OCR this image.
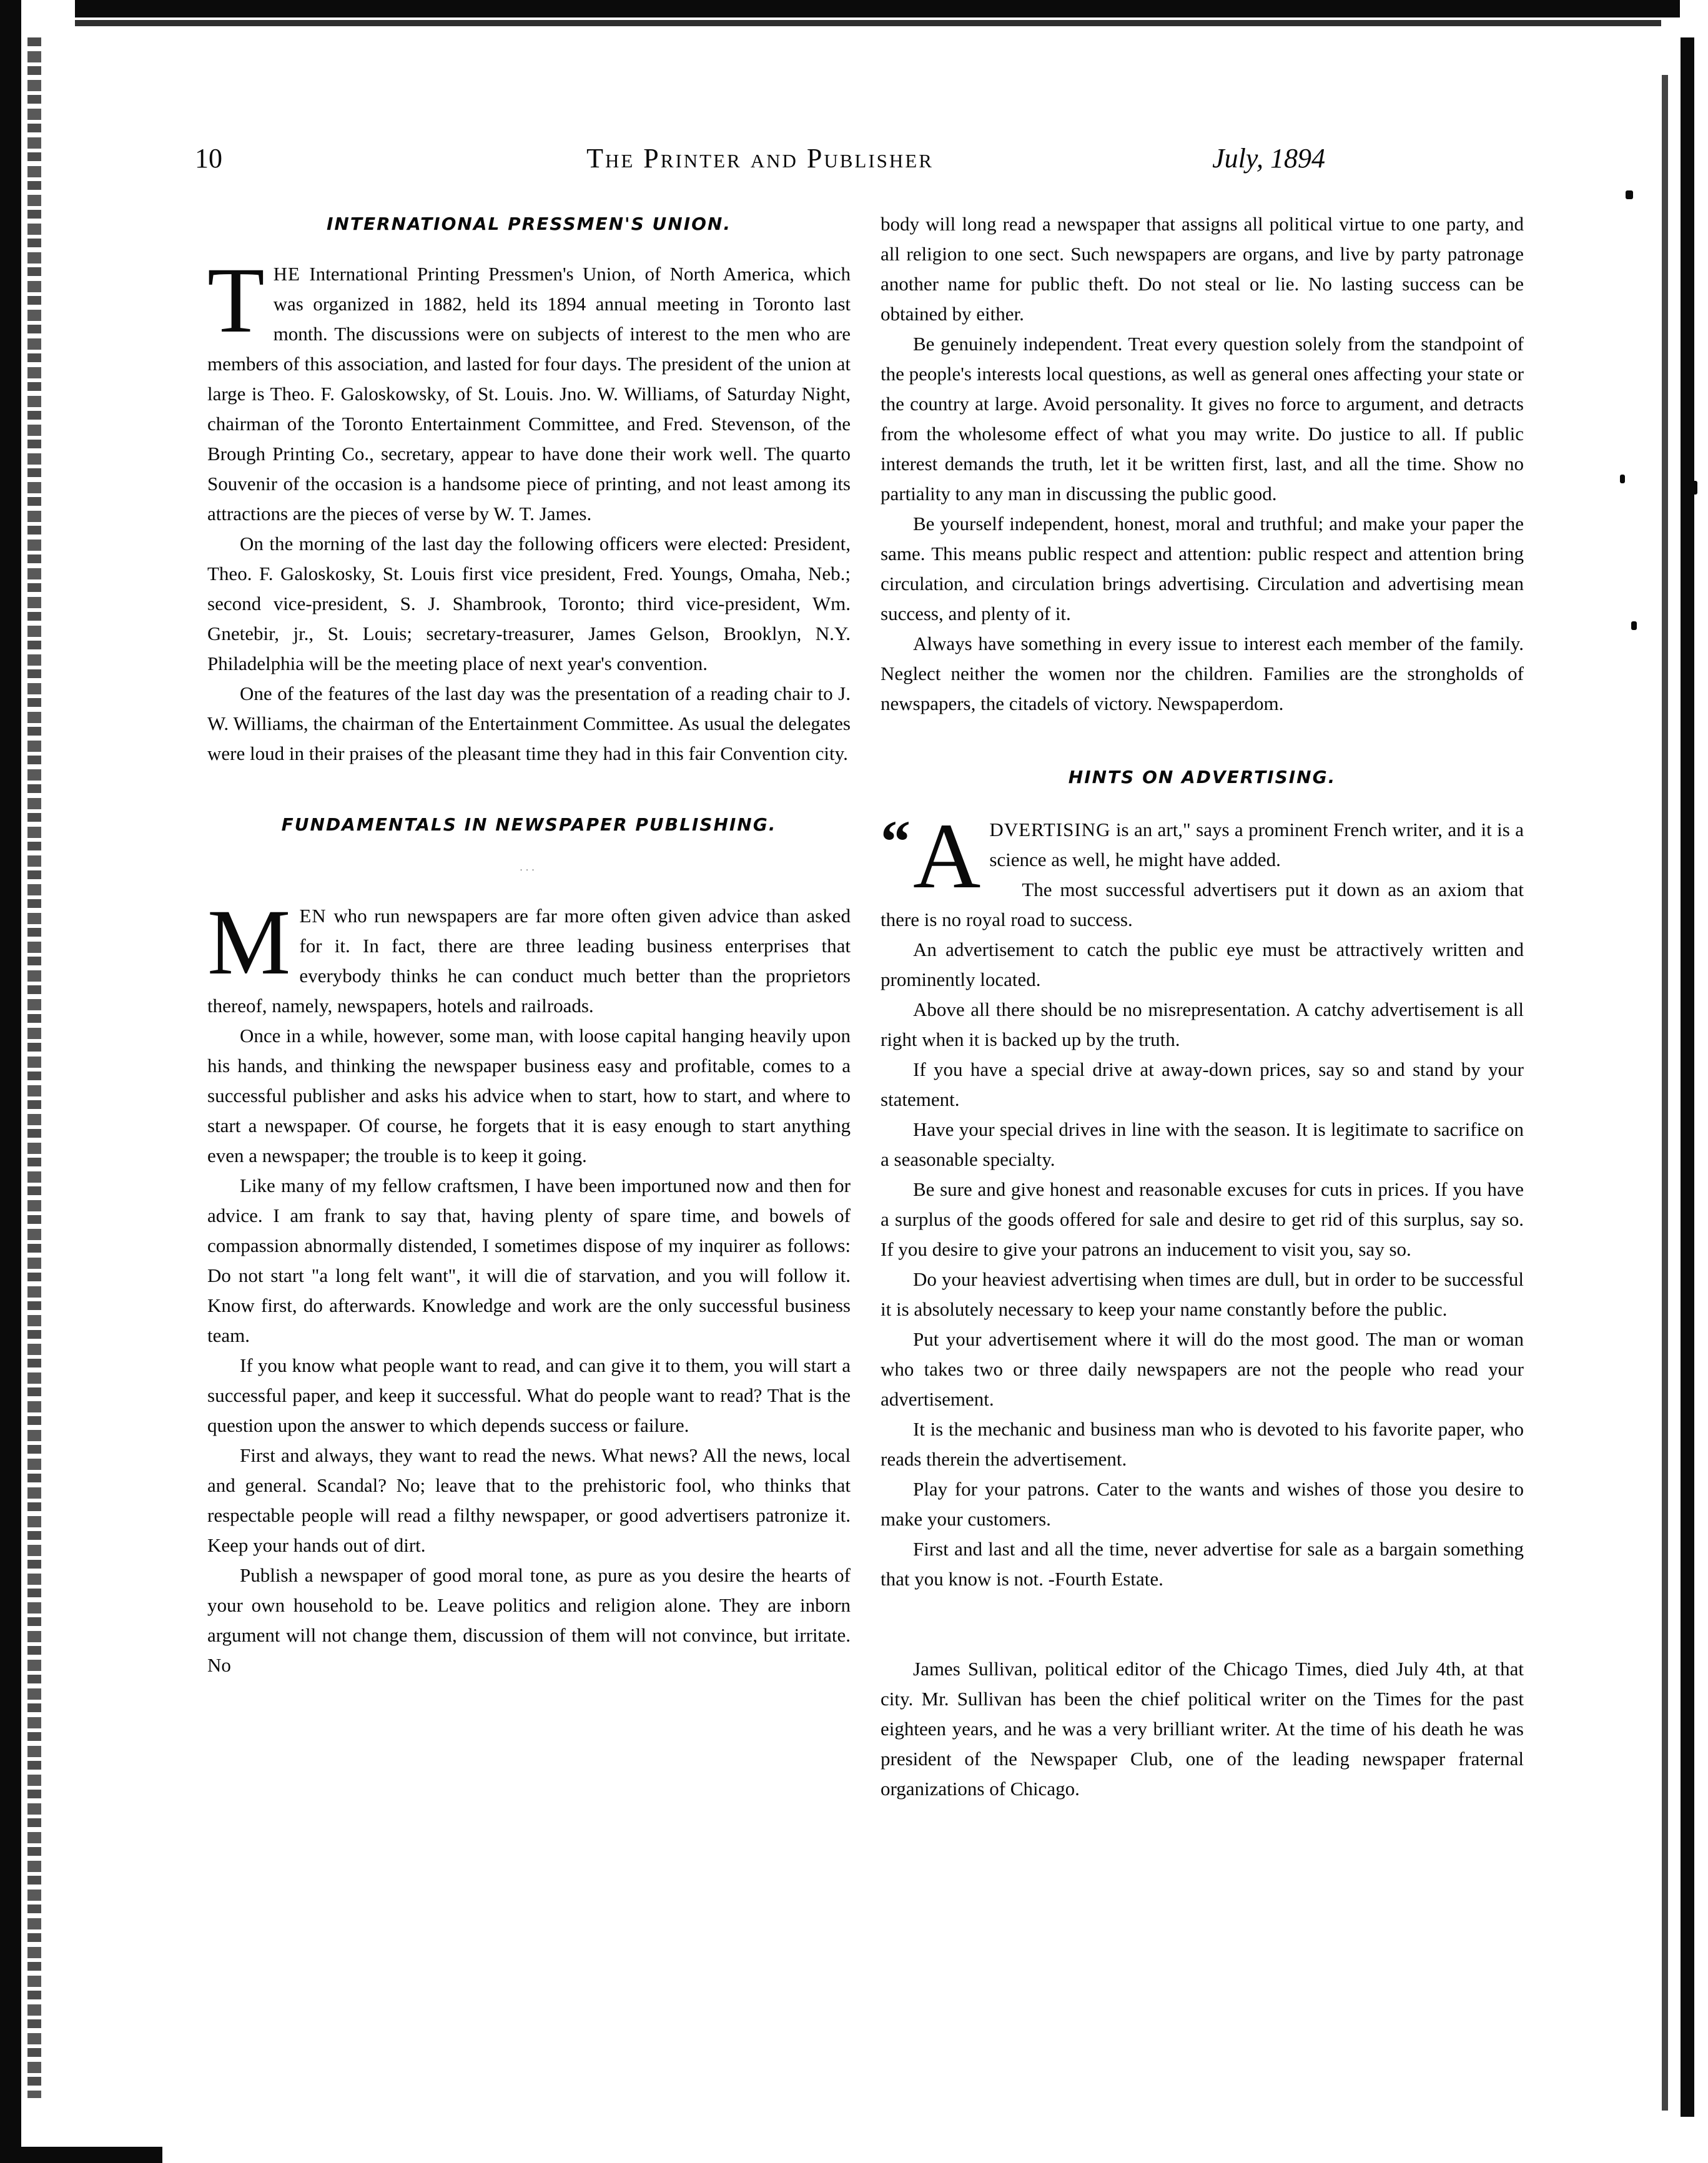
10	The Printer and Publisher	July, 1894
INTERNATIONAL PRESSMEN'S UNION.

THE International Printing Pressmen's Union, of North America, which was organized in 1882, held its 1894 annual meeting in Toronto last month. The discussions were on subjects of interest to the men who are members of this association, and lasted for four days. The president of the union at large is Theo. F. Galoskowsky, of St. Louis. Jno. W. Williams, of Saturday Night, chairman of the Toronto Entertainment Committee, and Fred. Stevenson, of the Brough Printing Co., secretary, appear to have done their work well. The quarto Souvenir of the occasion is a handsome piece of printing, and not least among its attractions are the pieces of verse by W. T. James.

On the morning of the last day the following officers were elected: President, Theo. F. Galoskosky, St. Louis first vice president, Fred. Youngs, Omaha, Neb.; second vice-president, S. J. Shambrook, Toronto; third vice-president, Wm. Gnetebir, jr., St. Louis; secretary-treasurer, James Gelson, Brooklyn, N.Y. Philadelphia will be the meeting place of next year's convention.

One of the features of the last day was the presentation of a reading chair to J. W. Williams, the chairman of the Entertainment Committee. As usual the delegates were loud in their praises of the pleasant time they had in this fair Convention city.

FUNDAMENTALS IN NEWSPAPER PUBLISHING.
...

MEN who run newspapers are far more often given advice than asked for it. In fact, there are three leading business enterprises that everybody thinks he can conduct much better than the proprietors thereof, namely, newspapers, hotels and railroads.

Once in a while, however, some man, with loose capital hanging heavily upon his hands, and thinking the newspaper business easy and profitable, comes to a successful publisher and asks his advice when to start, how to start, and where to start a newspaper. Of course, he forgets that it is easy enough to start anything even a newspaper; the trouble is to keep it going.

Like many of my fellow craftsmen, I have been importuned now and then for advice. I am frank to say that, having plenty of spare time, and bowels of compassion abnormally distended, I sometimes dispose of my inquirer as follows: Do not start "a long felt want", it will die of starvation, and you will follow it. Know first, do afterwards. Knowledge and work are the only successful business team.

If you know what people want to read, and can give it to them, you will start a successful paper, and keep it successful. What do people want to read? That is the question upon the answer to which depends success or failure.

First and always, they want to read the news. What news? All the news, local and general. Scandal? No; leave that to the prehistoric fool, who thinks that respectable people will read a filthy newspaper, or good advertisers patronize it. Keep your hands out of dirt.

Publish a newspaper of good moral tone, as pure as you desire the hearts of your own household to be. Leave politics and religion alone. They are inborn argument will not change them, discussion of them will not convince, but irritate. No

body will long read a newspaper that assigns all political virtue to one party, and all religion to one sect. Such newspapers are organs, and live by party patronage another name for public theft. Do not steal or lie. No lasting success can be obtained by either.

Be genuinely independent. Treat every question solely from the standpoint of the people's interests local questions, as well as general ones affecting your state or the country at large. Avoid personality. It gives no force to argument, and detracts from the wholesome effect of what you may write. Do justice to all. If public interest demands the truth, let it be written first, last, and all the time. Show no partiality to any man in discussing the public good.

Be yourself independent, honest, moral and truthful; and make your paper the same. This means public respect and attention: public respect and attention bring circulation, and circulation brings advertising. Circulation and advertising mean success, and plenty of it.

Always have something in every issue to interest each member of the family. Neglect neither the women nor the children. Families are the strongholds of newspapers, the citadels of victory. Newspaperdom.

HINTS ON ADVERTISING.

“ A DVERTISING is an art," says a prominent French writer, and it is a science as well, he might have added.

The most successful advertisers put it down as an axiom that there is no royal road to success.

An advertisement to catch the public eye must be attractively written and prominently located.

Above all there should be no misrepresentation. A catchy advertisement is all right when it is backed up by the truth.

If you have a special drive at away-down prices, say so and stand by your statement.

Have your special drives in line with the season. It is legitimate to sacrifice on a seasonable specialty.

Be sure and give honest and reasonable excuses for cuts in prices. If you have a surplus of the goods offered for sale and desire to get rid of this surplus, say so. If you desire to give your patrons an inducement to visit you, say so.

Do your heaviest advertising when times are dull, but in order to be successful it is absolutely necessary to keep your name constantly before the public.

Put your advertisement where it will do the most good. The man or woman who takes two or three daily newspapers are not the people who read your advertisement.

It is the mechanic and business man who is devoted to his favorite paper, who reads therein the advertisement.

Play for your patrons. Cater to the wants and wishes of those you desire to make your customers.

First and last and all the time, never advertise for sale as a bargain something that you know is not. -Fourth Estate.

James Sullivan, political editor of the Chicago Times, died July 4th, at that city. Mr. Sullivan has been the chief political writer on the Times for the past eighteen years, and he was a very brilliant writer. At the time of his death he was president of the Newspaper Club, one of the leading newspaper fraternal organizations of Chicago.
